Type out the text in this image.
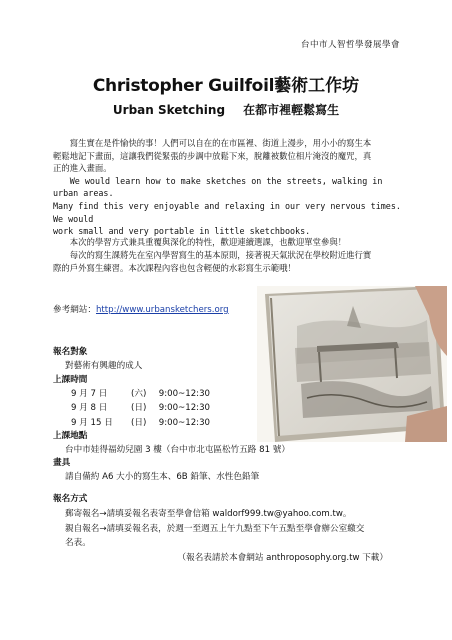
台中市人智哲學發展學會
Christopher Guilfoil藝術工作坊
Urban Sketching 在都市裡輕鬆寫生

　　寫生實在是件愉快的事！人們可以自在的在市區裡、街道上漫步，用小小的寫生本

輕鬆地記下畫面，這讓我們從緊張的步調中放鬆下來，脫離被數位相片淹沒的魔咒，真

正的進入畫面。

　　We would learn how to make sketches on the streets, walking in urban areas.

Many find this very enjoyable and relaxing in our very nervous times. We would

work small and very portable in little sketchbooks.

　　本次的學習方式兼具重覆與深化的特性，歡迎連續選課，也歡迎單堂參與！

　　每次的寫生課將先在室內學習寫生的基本原則，接著視天氣狀況在學校附近進行實

際的戶外寫生練習。本次課程內容也包含輕便的水彩寫生示範哦！

參考網站：http://www.urbansketchers.org
報名對象
對藝術有興趣的成人
上課時間
9 月 7 日	(六) 9:00~12:30
9 月 8 日	(日) 9:00~12:30
9 月 15 日 (日) 9:00~12:30
上課地點
台中市娃得福幼兒園 3 樓（台中市北屯區松竹五路 81 號）
畫具
請自備約 A6 大小的寫生本、6B 鉛筆、水性色鉛筆
報名方式
郵寄報名→請填妥報名表寄至學會信箱 waldorf999.tw@yahoo.com.tw。
親自報名→請填妥報名表，於週一至週五上午九點至下午五點至學會辦公室繳交
名表。
（報名表請於本會網站 anthroposophy.org.tw 下載）
